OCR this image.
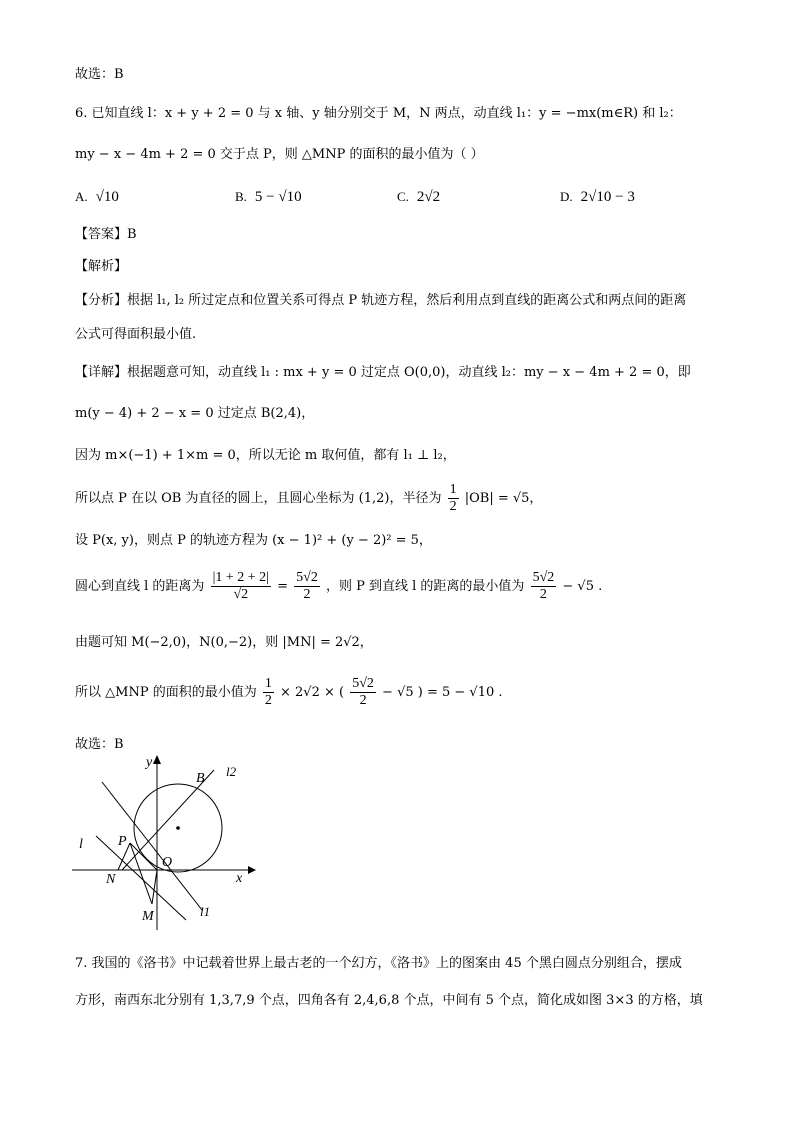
故选：B
6. 已知直线 l：x + y + 2 = 0 与 x 轴、y 轴分别交于 M，N 两点，动直线 l₁：y = −mx(m∈R) 和 l₂：
my − x − 4m + 2 = 0 交于点 P，则 △MNP 的面积的最小值为（ ）
A. √10	B. 5 − √10	C. 2√2	D. 2√10 − 3
【答案】B
【解析】
【分析】根据 l₁, l₂ 所过定点和位置关系可得点 P 轨迹方程，然后利用点到直线的距离公式和两点间的距离
公式可得面积最小值.
【详解】根据题意可知，动直线 l₁ : mx + y = 0 过定点 O(0,0)，动直线 l₂：my − x − 4m + 2 = 0，即
m(y − 4) + 2 − x = 0 过定点 B(2,4)，
因为 m×(−1) + 1×m = 0，所以无论 m 取何值，都有 l₁ ⊥ l₂，
所以点 P 在以 OB 为直径的圆上，且圆心坐标为 (1,2)，半径为 $\frac{1}{2} |OB| = √5$，
设 P(x, y)，则点 P 的轨迹方程为 (x − 1)² + (y − 2)² = 5，
圆心到直线 l 的距离为 $\frac{|1 + 2 + 2|}{√2} = \frac{5√2}{2}$ ，则 P 到直线 l 的距离的最小值为 $\frac{5√2}{2} - √5$ .
由题可知 M(−2,0)，N(0,−2)，则 |MN| = 2√2，
所以 △MNP 的面积的最小值为 $\frac{1}{2} \times 2√2$ × ( $\frac{5√2}{2} - √5$ ) = 5 − √10 .
故选：B
y
x
B l2
l	P
O
N
M	l1
7. 我国的《洛书》中记载着世界上最古老的一个幻方，《洛书》上的图案由 45 个黑白圆点分别组合，摆成
方形，南西东北分别有 1,3,7,9 个点，四角各有 2,4,6,8 个点，中间有 5 个点，简化成如图 3×3 的方格，填
